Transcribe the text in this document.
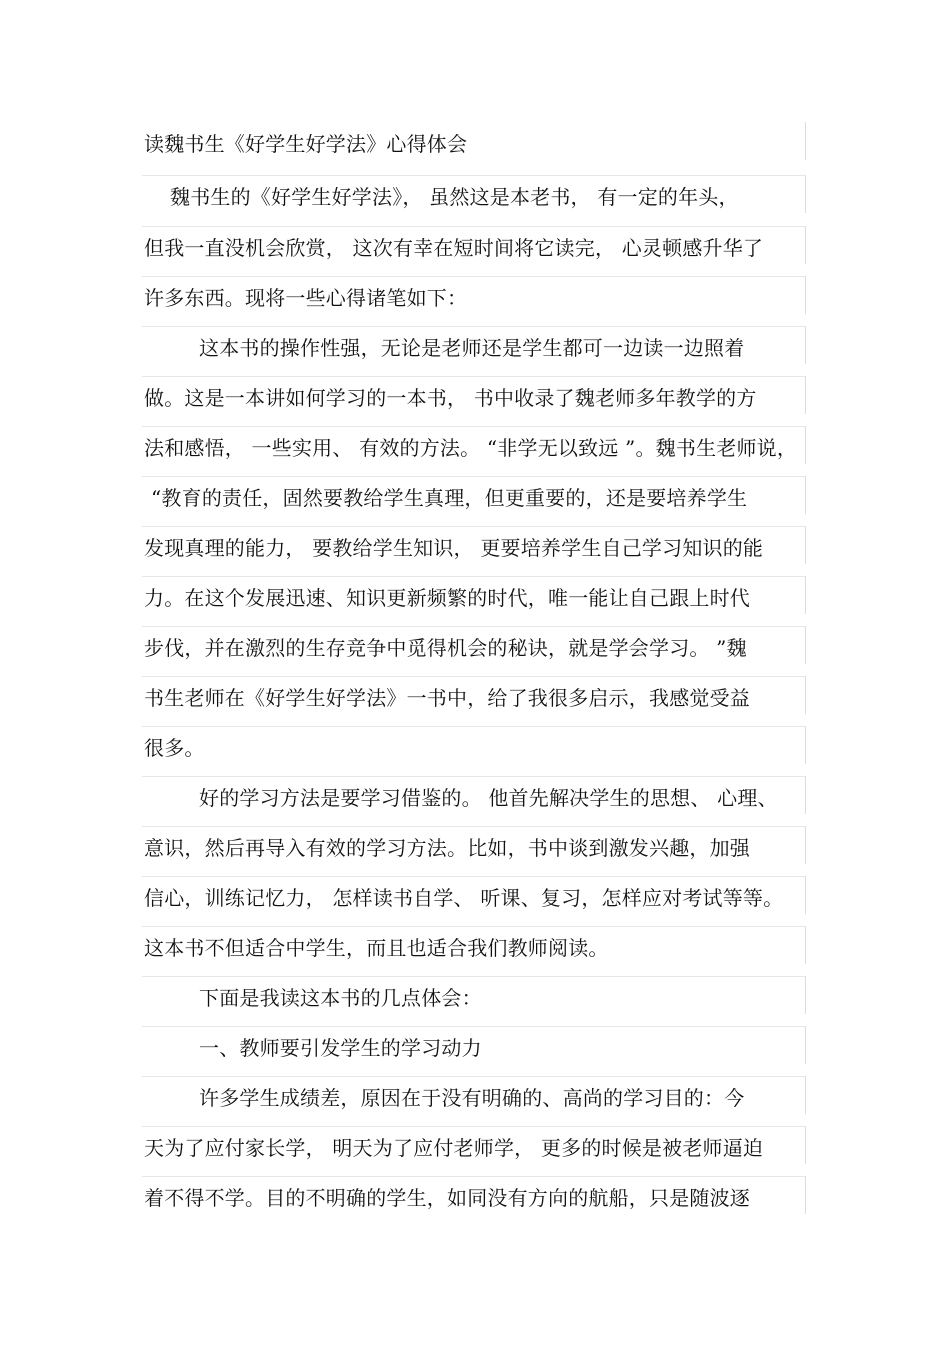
读魏书生《好学生好学法》心得体会
魏书生的《好学生好学法》， 虽然这是本老书， 有一定的年头，
但我一直没机会欣赏， 这次有幸在短时间将它读完， 心灵顿感升华了
许多东西。现将一些心得诸笔如下：
这本书的操作性强，无论是老师还是学生都可一边读一边照着
做。这是一本讲如何学习的一本书， 书中收录了魏老师多年教学的方
法和感悟， 一些实用、 有效的方法。 “非学无以致远 ”。魏书生老师说，
“教育的责任，固然要教给学生真理，但更重要的，还是要培养学生
发现真理的能力， 要教给学生知识， 更要培养学生自己学习知识的能
力。在这个发展迅速、知识更新频繁的时代，唯一能让自己跟上时代
步伐，并在激烈的生存竞争中觅得机会的秘诀，就是学会学习。 ”魏
书生老师在《好学生好学法》一书中，给了我很多启示，我感觉受益
很多。
好的学习方法是要学习借鉴的。 他首先解决学生的思想、 心理、
意识，然后再导入有效的学习方法。比如，书中谈到激发兴趣，加强
信心，训练记忆力， 怎样读书自学、 听课、复习，怎样应对考试等等。
这本书不但适合中学生，而且也适合我们教师阅读。
下面是我读这本书的几点体会：
一、教师要引发学生的学习动力
许多学生成绩差，原因在于没有明确的、高尚的学习目的：今
天为了应付家长学， 明天为了应付老师学， 更多的时候是被老师逼迫
着不得不学。目的不明确的学生，如同没有方向的航船，只是随波逐
